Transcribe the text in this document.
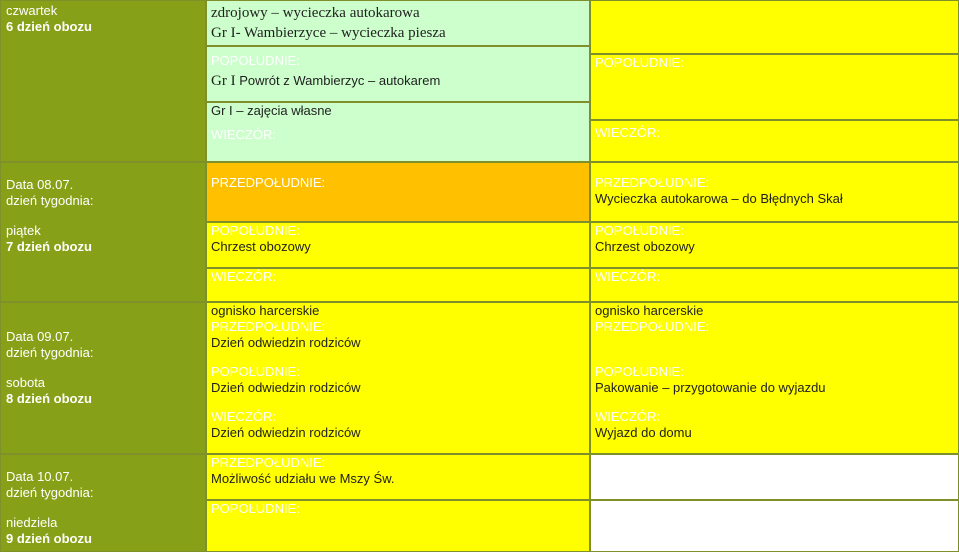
czwartek
6 dzień obozu
Data 08.07.
dzień tygodnia:
piątek
7 dzień obozu
Data 09.07.
dzień tygodnia:
sobota
8 dzień obozu
Data 10.07.
dzień tygodnia:
niedziela
9 dzień obozu
zdrojowy – wycieczka autokarowa
Gr I- Wambierzyce – wycieczka piesza
POPOŁUDNIE:
Gr I Powrót z Wambierzyc – autokarem
Gr I – zajęcia własne
WIECZÓR:
PRZEDPOŁUDNIE:
POPOŁUDNIE:
Chrzest obozowy
WIECZÓR:
ognisko harcerskie
PRZEDPOŁUDNIE:
Dzień odwiedzin rodziców
POPOŁUDNIE:
Dzień odwiedzin rodziców
WIECZÓR:
Dzień odwiedzin rodziców
PRZEDPOŁUDNIE:
Możliwość udziału we Mszy Św.
POPOŁUDNIE:
POPOŁUDNIE:
WIECZÓR:
PRZEDPOŁUDNIE:
Wycieczka autokarowa – do Błędnych Skał
POPOŁUDNIE:
Chrzest obozowy
WIECZÓR:
ognisko harcerskie
PRZEDPOŁUDNIE:
POPOŁUDNIE:
Pakowanie – przygotowanie do wyjazdu
WIECZÓR:
Wyjazd do domu
